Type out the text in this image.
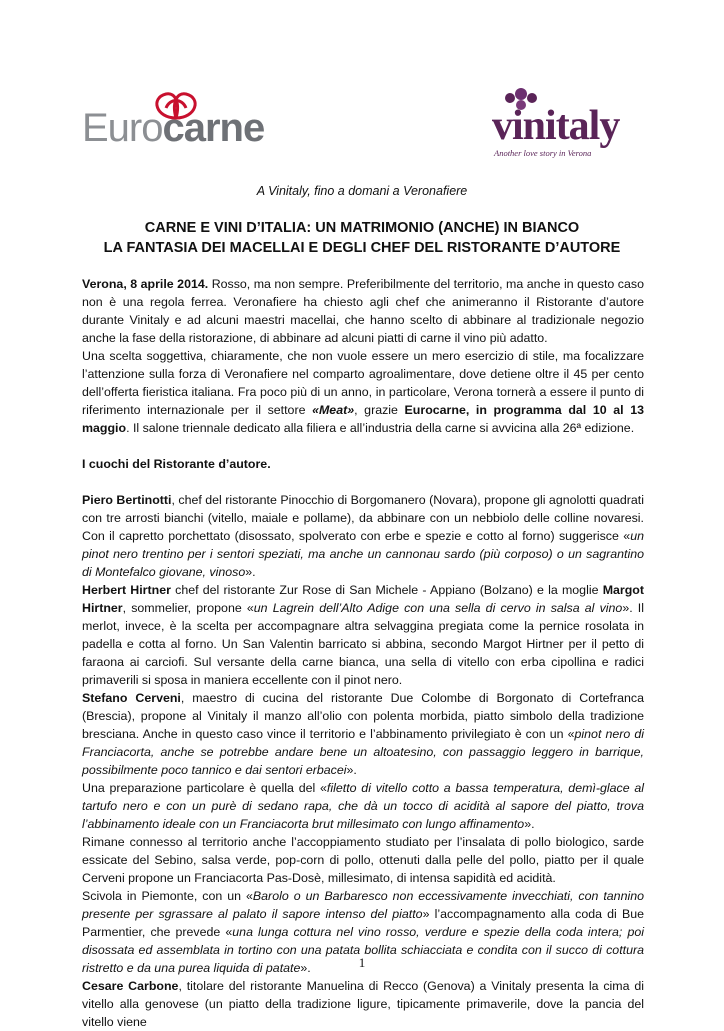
Eurocarne	vinitaly
Another love story in Verona
A Vinitaly, fino a domani a Veronafiere
CARNE E VINI D’ITALIA: UN MATRIMONIO (ANCHE) IN BIANCO
LA FANTASIA DEI MACELLAI E DEGLI CHEF DEL RISTORANTE D’AUTORE

Verona, 8 aprile 2014. Rosso, ma non sempre. Preferibilmente del territorio, ma anche in questo caso non è una regola ferrea. Veronafiere ha chiesto agli chef che animeranno il Ristorante d’autore durante Vinitaly e ad alcuni maestri macellai, che hanno scelto di abbinare al tradizionale negozio anche la fase della ristorazione, di abbinare ad alcuni piatti di carne il vino più adatto.

Una scelta soggettiva, chiaramente, che non vuole essere un mero esercizio di stile, ma focalizzare l’attenzione sulla forza di Veronafiere nel comparto agroalimentare, dove detiene oltre il 45 per cento dell’offerta fieristica italiana. Fra poco più di un anno, in particolare, Verona tornerà a essere il punto di riferimento internazionale per il settore «Meat», grazie Eurocarne, in programma dal 10 al 13 maggio. Il salone triennale dedicato alla filiera e all’industria della carne si avvicina alla 26ª edizione.

I cuochi del Ristorante d’autore.

Piero Bertinotti, chef del ristorante Pinocchio di Borgomanero (Novara), propone gli agnolotti quadrati con tre arrosti bianchi (vitello, maiale e pollame), da abbinare con un nebbiolo delle colline novaresi. Con il capretto porchettato (disossato, spolverato con erbe e spezie e cotto al forno) suggerisce «un pinot nero trentino per i sentori speziati, ma anche un cannonau sardo (più corposo) o un sagrantino di Montefalco giovane, vinoso».

Herbert Hirtner chef del ristorante Zur Rose di San Michele - Appiano (Bolzano) e la moglie Margot Hirtner, sommelier, propone «un Lagrein dell’Alto Adige con una sella di cervo in salsa al vino». Il merlot, invece, è la scelta per accompagnare altra selvaggina pregiata come la pernice rosolata in padella e cotta al forno. Un San Valentin barricato si abbina, secondo Margot Hirtner per il petto di faraona ai carciofi. Sul versante della carne bianca, una sella di vitello con erba cipollina e radici primaverili si sposa in maniera eccellente con il pinot nero.

Stefano Cerveni, maestro di cucina del ristorante Due Colombe di Borgonato di Cortefranca (Brescia), propone al Vinitaly il manzo all’olio con polenta morbida, piatto simbolo della tradizione bresciana. Anche in questo caso vince il territorio e l’abbinamento privilegiato è con un «pinot nero di Franciacorta, anche se potrebbe andare bene un altoatesino, con passaggio leggero in barrique, possibilmente poco tannico e dai sentori erbacei».

Una preparazione particolare è quella del «filetto di vitello cotto a bassa temperatura, demì-glace al tartufo nero e con un purè di sedano rapa, che dà un tocco di acidità al sapore del piatto, trova l’abbinamento ideale con un Franciacorta brut millesimato con lungo affinamento».

Rimane connesso al territorio anche l’accoppiamento studiato per l’insalata di pollo biologico, sarde essicate del Sebino, salsa verde, pop-corn di pollo, ottenuti dalla pelle del pollo, piatto per il quale Cerveni propone un Franciacorta Pas-Dosè, millesimato, di intensa sapidità ed acidità.

Scivola in Piemonte, con un «Barolo o un Barbaresco non eccessivamente invecchiati, con tannino presente per sgrassare al palato il sapore intenso del piatto» l’accompagnamento alla coda di Bue Parmentier, che prevede «una lunga cottura nel vino rosso, verdure e spezie della coda intera; poi disossata ed assemblata in tortino con una patata bollita schiacciata e condita con il succo di cottura ristretto e da una purea liquida di patate».

Cesare Carbone, titolare del ristorante Manuelina di Recco (Genova) a Vinitaly presenta la cima di vitello alla genovese (un piatto della tradizione ligure, tipicamente primaverile, dove la pancia del vitello viene

1
